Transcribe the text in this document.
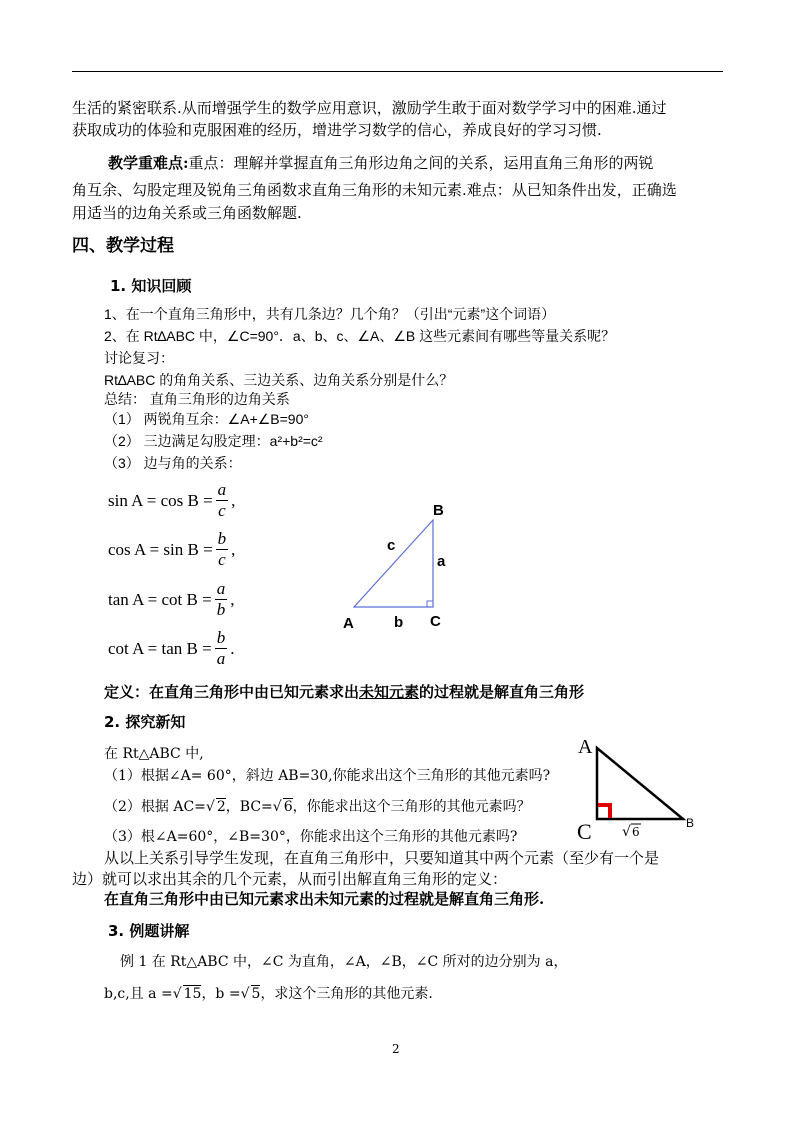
生活的紧密联系.从而增强学生的数学应用意识，激励学生敢于面对数学学习中的困难.通过
获取成功的体验和克服困难的经历，增进学习数学的信心，养成良好的学习习惯.
教学重难点:重点：理解并掌握直角三角形边角之间的关系，运用直角三角形的两锐
角互余、勾股定理及锐角三角函数求直角三角形的未知元素.难点：从已知条件出发，正确选
用适当的边角关系或三角函数解题.
四、教学过程
1. 知识回顾
1、在一个直角三角形中，共有几条边？几个角？（引出“元素”这个词语）
2、在 Rt∆ABC 中，∠C=90°．a、b、c、∠A、∠B 这些元素间有哪些等量关系呢？
讨论复习：
Rt∆ABC 的角角关系、三边关系、边角关系分别是什么？
总结： 直角三角形的边角关系
（1） 两锐角互余：∠A+∠B=90°
（2） 三边满足勾股定理：a²+b²=c²
（3） 边与角的关系：
$\sin A = \cos B = \frac{a}{c}$ ,
$\cos A = \sin B = \frac{b}{c}$ ,
$\tan A = \cot B = \frac{a}{b}$ ,
$\cot A = \tan B = \frac{b}{a}$ .
B
A	C
c
a
b
定义：在直角三角形中由已知元素求出未知元素的过程就是解直角三角形
2. 探究新知
在 Rt△ABC 中,
（1）根据∠A= 60°，斜边 AB=30,你能求出这个三角形的其他元素吗?
（2）根据 AC=√ 2，BC=√ 6，你能求出这个三角形的其他元素吗？
（3）根∠A=60°，∠B=30°，你能求出这个三角形的其他元素吗?
从以上关系引导学生发现，在直角三角形中，只要知道其中两个元素（至少有一个是
边）就可以求出其余的几个元素，从而引出解直角三角形的定义：
在直角三角形中由已知元素求出未知元素的过程就是解直角三角形.
A
C	B
√ 6
3. 例题讲解
例 1 在 Rt△ABC 中，∠C 为直角，∠A，∠B，∠C 所对的边分别为 a，
b,c,且 a =√ 15，b =√ 5，求这个三角形的其他元素.
2
